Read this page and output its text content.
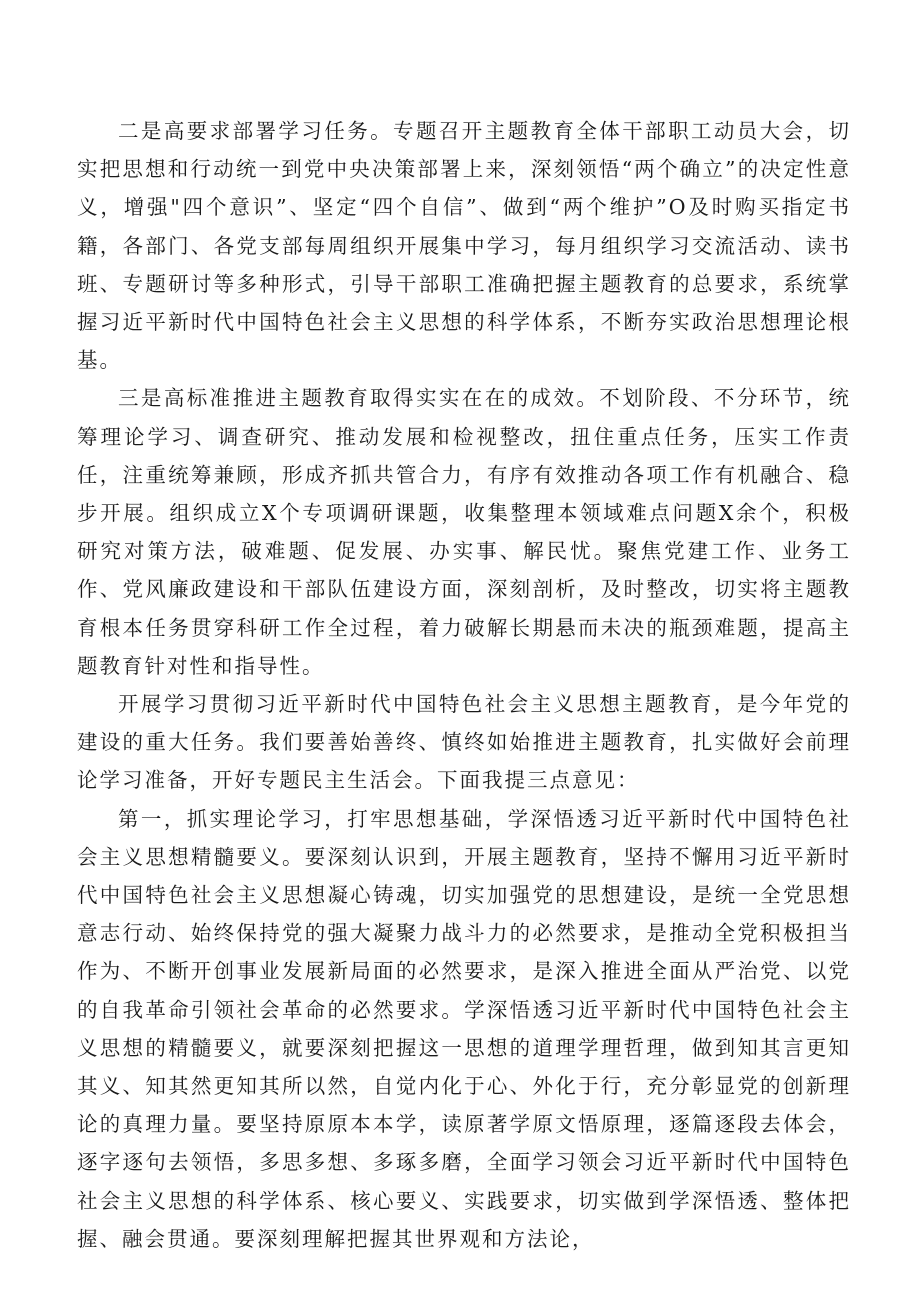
二是高要求部署学习任务。专题召开主题教育全体干部职工动员大会，切实把思想和行动统一到党中央决策部署上来，深刻领悟“两个确立”的决定性意义，增强"四个意识”、坚定“四个自信”、做到“两个维护”O及时购买指定书籍，各部门、各党支部每周组织开展集中学习，每月组织学习交流活动、读书班、专题研讨等多种形式，引导干部职工准确把握主题教育的总要求，系统掌握习近平新时代中国特色社会主义思想的科学体系，不断夯实政治思想理论根基。

三是高标准推进主题教育取得实实在在的成效。不划阶段、不分环节，统筹理论学习、调查研究、推动发展和检视整改，扭住重点任务，压实工作责任，注重统筹兼顾，形成齐抓共管合力，有序有效推动各项工作有机融合、稳步开展。组织成立X个专项调研课题，收集整理本领域难点问题X余个，积极研究对策方法，破难题、促发展、办实事、解民忧。聚焦党建工作、业务工作、党风廉政建设和干部队伍建设方面，深刻剖析，及时整改，切实将主题教育根本任务贯穿科研工作全过程，着力破解长期悬而未决的瓶颈难题，提高主题教育针对性和指导性。

开展学习贯彻习近平新时代中国特色社会主义思想主题教育，是今年党的建设的重大任务。我们要善始善终、慎终如始推进主题教育，扎实做好会前理论学习准备，开好专题民主生活会。下面我提三点意见：

第一，抓实理论学习，打牢思想基础，学深悟透习近平新时代中国特色社会主义思想精髓要义。要深刻认识到，开展主题教育，坚持不懈用习近平新时代中国特色社会主义思想凝心铸魂，切实加强党的思想建设，是统一全党思想意志行动、始终保持党的强大凝聚力战斗力的必然要求，是推动全党积极担当作为、不断开创事业发展新局面的必然要求，是深入推进全面从严治党、以党的自我革命引领社会革命的必然要求。学深悟透习近平新时代中国特色社会主义思想的精髓要义，就要深刻把握这一思想的道理学理哲理，做到知其言更知其义、知其然更知其所以然，自觉内化于心、外化于行，充分彰显党的创新理论的真理力量。要坚持原原本本学，读原著学原文悟原理，逐篇逐段去体会，逐字逐句去领悟，多思多想、多琢多磨，全面学习领会习近平新时代中国特色社会主义思想的科学体系、核心要义、实践要求，切实做到学深悟透、整体把握、融会贯通。要深刻理解把握其世界观和方法论，
